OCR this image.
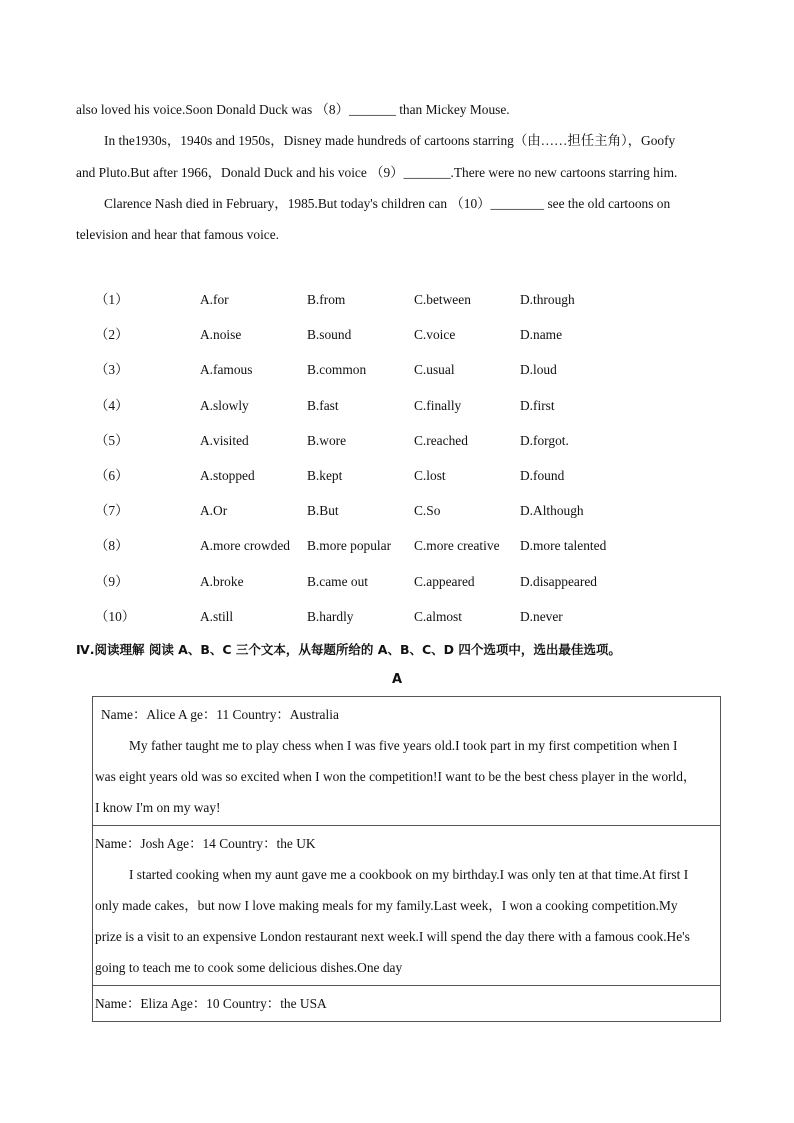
also loved his voice.Soon Donald Duck was （8）_______ than Mickey Mouse.
In the1930s，1940s and 1950s，Disney made hundreds of cartoons starring（由……担任主角），Goofy
and Pluto.But after 1966，Donald Duck and his voice （9）_______.There were no new cartoons starring him.
Clarence Nash died in February，1985.But today's children can （10）________ see the old cartoons on
television and hear that famous voice.
（1）	A.for	B.from	C.between	D.through
（2）	A.noise	B.sound	C.voice	D.name
（3）	A.famous	B.common	C.usual	D.loud
（4）	A.slowly	B.fast	C.finally	D.first
（5）	A.visited	B.wore	C.reached	D.forgot.
（6）	A.stopped	B.kept	C.lost	D.found
（7）	A.Or	B.But	C.So	D.Although
（8）	A.more crowded B.more popular C.more creative D.more talented
（9）	A.broke	B.came out	C.appeared	D.disappeared
（10）	A.still	B.hardly	C.almost	D.never
Ⅳ.阅读理解 阅读 A、B、C 三个文本，从每题所给的 A、B、C、D 四个选项中，选出最佳选项。
A
Name：Alice A ge：11 Country：Australia
My father taught me to play chess when I was five years old.I took part in my first competition when I
was eight years old was so excited when I won the competition!I want to be the best chess player in the world，
I know I'm on my way!
Name：Josh Age：14 Country：the UK
I started cooking when my aunt gave me a cookbook on my birthday.I was only ten at that time.At first I
only made cakes，but now I love making meals for my family.Last week，I won a cooking competition.My
prize is a visit to an expensive London restaurant next week.I will spend the day there with a famous cook.He's
going to teach me to cook some delicious dishes.One day
Name：Eliza Age：10 Country：the USA
